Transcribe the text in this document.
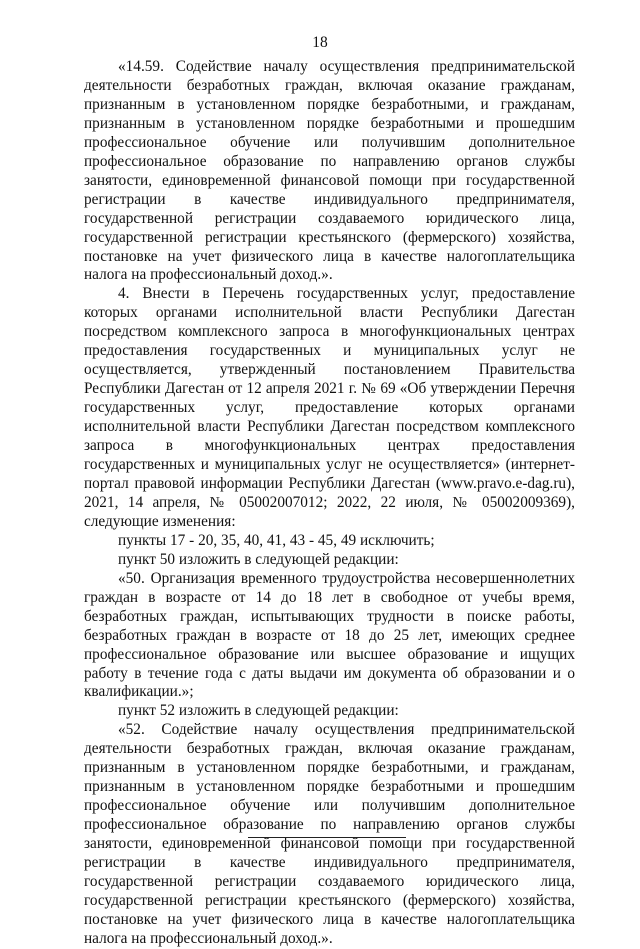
18

«14.59. Содействие началу осуществления предпринимательской деятельности безработных граждан, включая оказание гражданам, признанным в установленном порядке безработными, и гражданам, признанным в установленном порядке безработными и прошедшим профессиональное обучение или получившим дополнительное профессиональное образование по направлению органов службы занятости, единовременной финансовой помощи при государственной регистрации в качестве индивидуального предпринимателя, государственной регистрации создаваемого юридического лица, государственной регистрации крестьянского (фермерского) хозяйства, постановке на учет физического лица в качестве налогоплательщика налога на профессиональный доход.».

4. Внести в Перечень государственных услуг, предоставление которых органами исполнительной власти Республики Дагестан посредством комплексного запроса в многофункциональных центрах предоставления государственных и муниципальных услуг не осуществляется, утвержденный постановлением Правительства Республики Дагестан от 12 апреля 2021 г. № 69 «Об утверждении Перечня государственных услуг, предоставление которых органами исполнительной власти Республики Дагестан посредством комплексного запроса в многофункциональных центрах предоставления государственных и муниципальных услуг не осуществляется» (интернет-портал правовой информации Республики Дагестан (www.pravo.e-dag.ru), 2021, 14 апреля, № 05002007012; 2022, 22 июля, № 05002009369), следующие изменения:

пункты 17 - 20, 35, 40, 41, 43 - 45, 49 исключить;

пункт 50 изложить в следующей редакции:

«50. Организация временного трудоустройства несовершеннолетних граждан в возрасте от 14 до 18 лет в свободное от учебы время, безработных граждан, испытывающих трудности в поиске работы, безработных граждан в возрасте от 18 до 25 лет, имеющих среднее профессиональное образование или высшее образование и ищущих работу в течение года с даты выдачи им документа об образовании и о квалификации.»;

пункт 52 изложить в следующей редакции:

«52. Содействие началу осуществления предпринимательской деятельности безработных граждан, включая оказание гражданам, признанным в установленном порядке безработными, и гражданам, признанным в установленном порядке безработными и прошедшим профессиональное обучение или получившим дополнительное профессиональное образование по направлению органов службы занятости, единовременной финансовой помощи при государственной регистрации в качестве индивидуального предпринимателя, государственной регистрации создаваемого юридического лица, государственной регистрации крестьянского (фермерского) хозяйства, постановке на учет физического лица в качестве налогоплательщика налога на профессиональный доход.».
